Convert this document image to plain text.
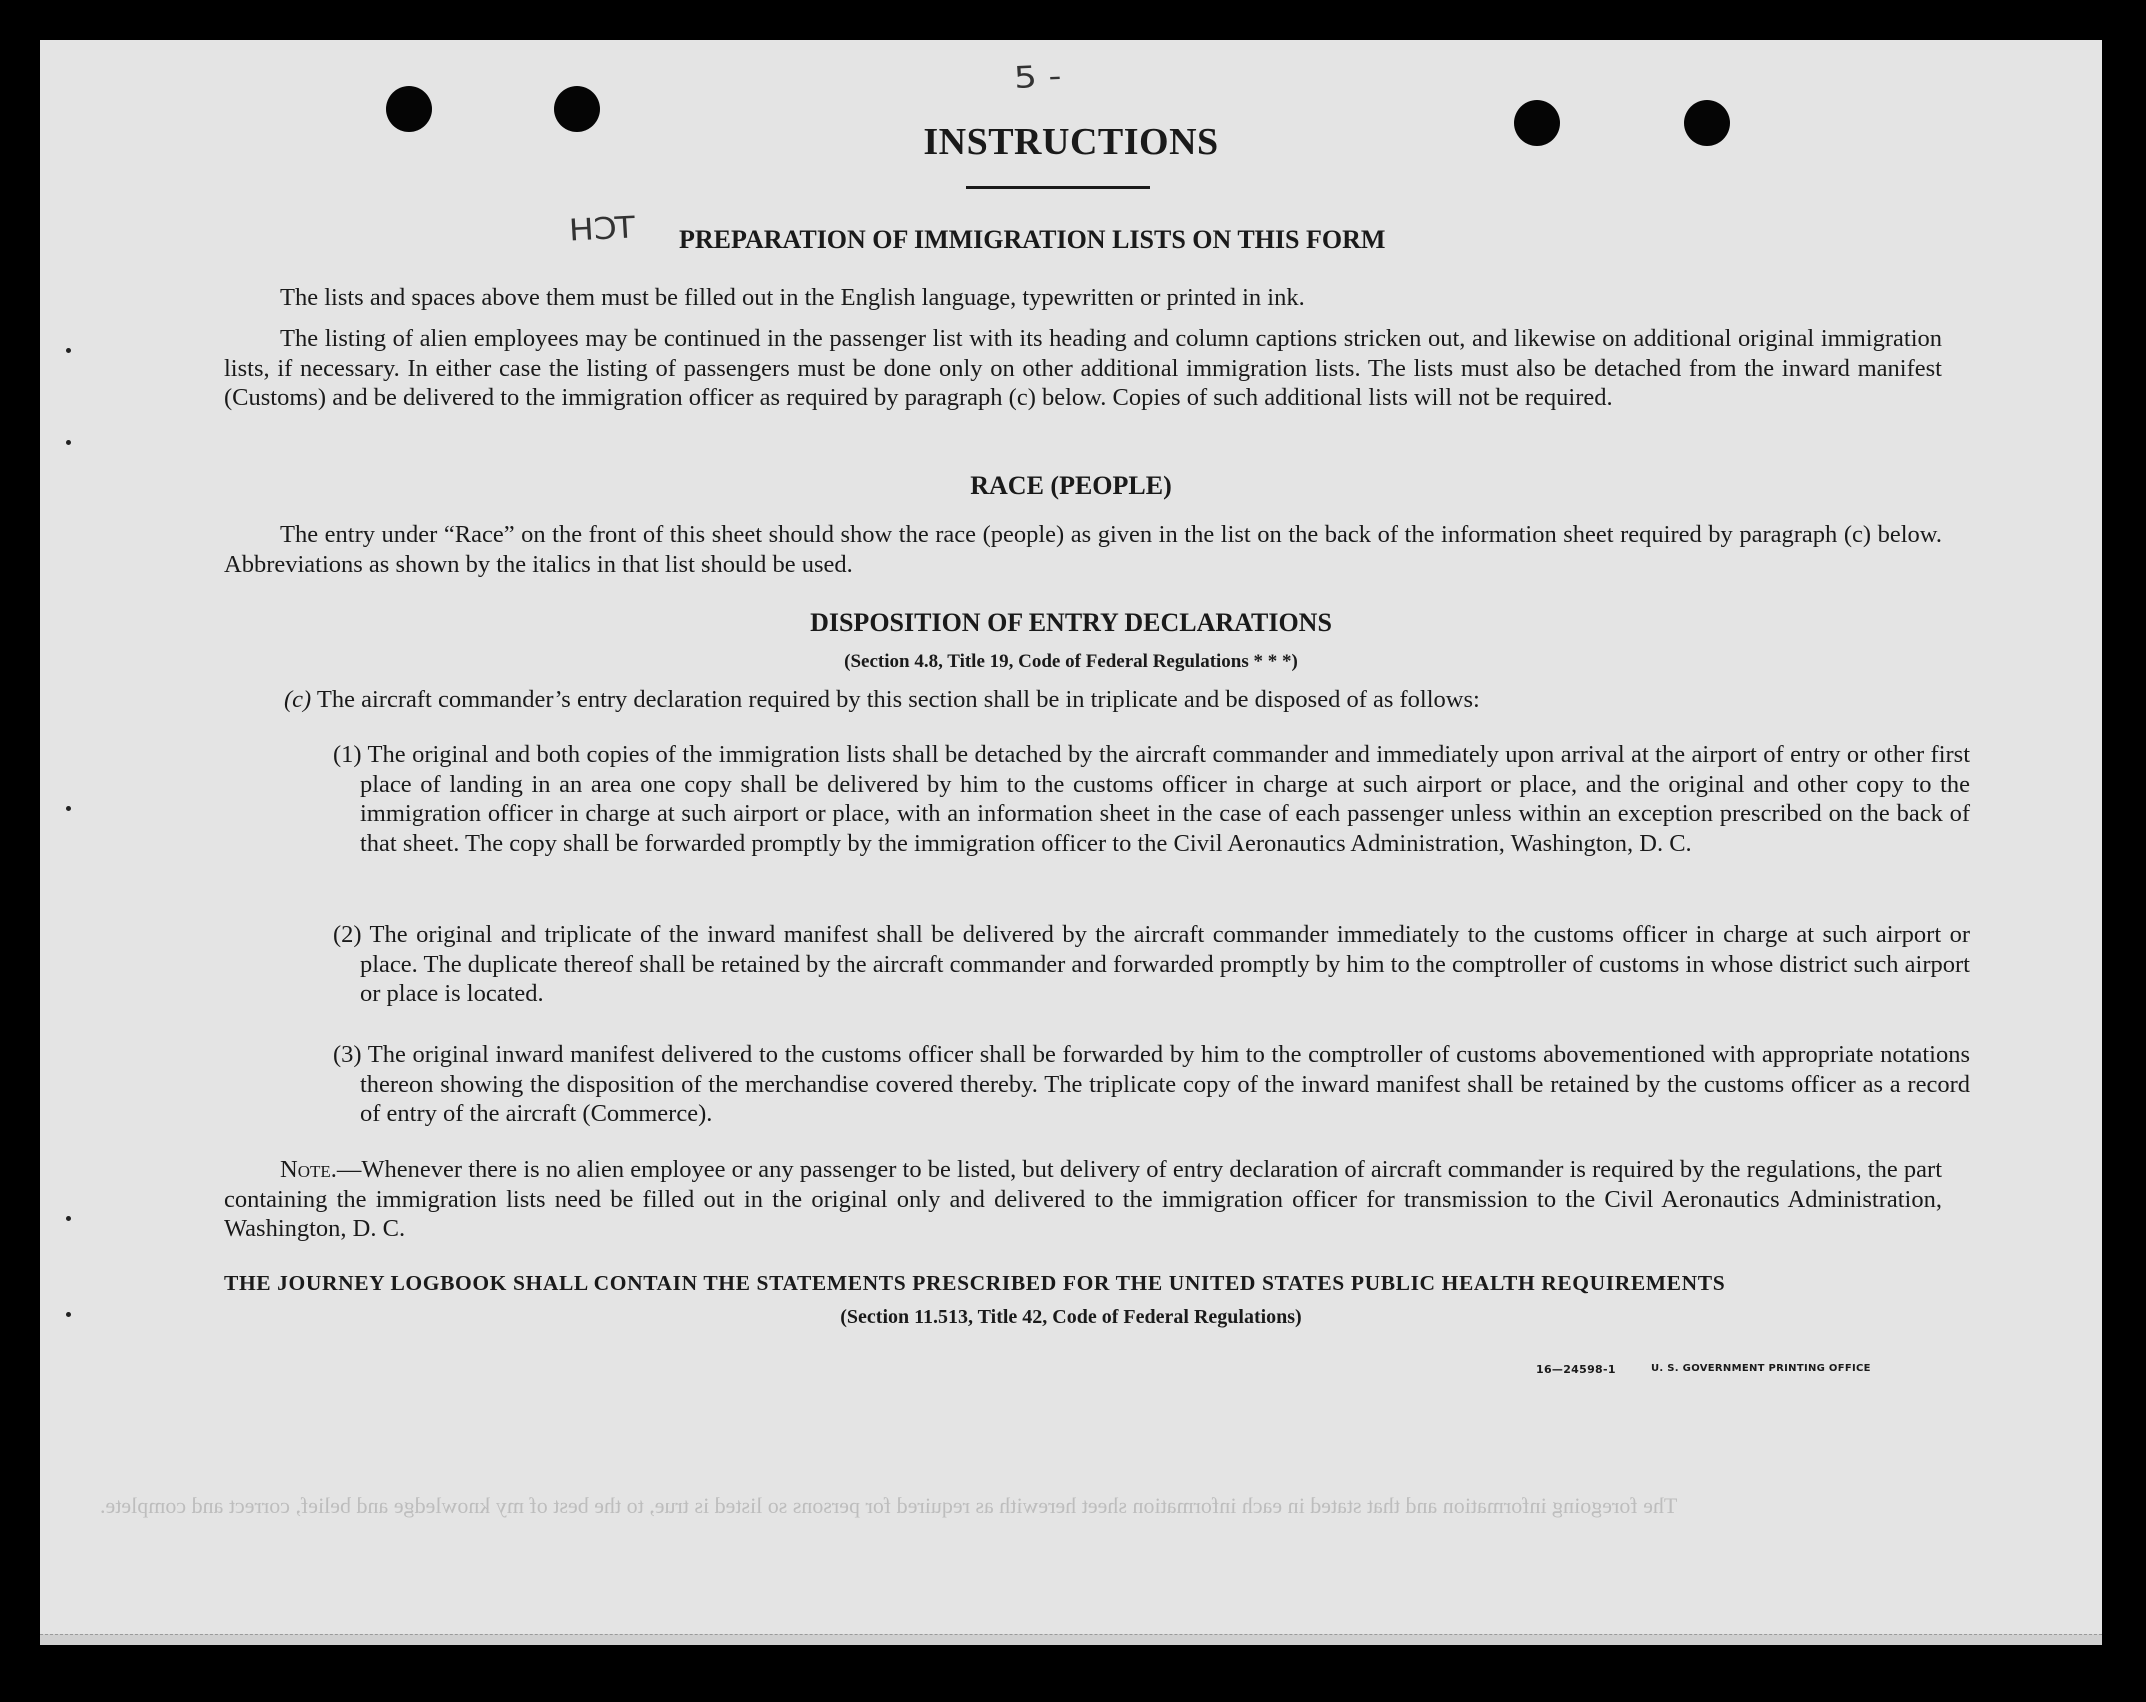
5 -
INSTRUCTIONS
TCH PREPARATION OF IMMIGRATION LISTS ON THIS FORM
The lists and spaces above them must be filled out in the English language, typewritten or printed in ink.
The listing of alien employees may be continued in the passenger list with its heading and column captions stricken out, and likewise on additional original immigration lists, if necessary. In either case the listing of passengers must be done only on other additional immigration lists. The lists must also be detached from the inward manifest (Customs) and be delivered to the immigration officer as required by paragraph (c) below. Copies of such additional lists will not be required.
RACE (PEOPLE)
The entry under “Race” on the front of this sheet should show the race (people) as given in the list on the back of the information sheet required by paragraph (c) below. Abbreviations as shown by the italics in that list should be used.
DISPOSITION OF ENTRY DECLARATIONS
(Section 4.8, Title 19, Code of Federal Regulations * * *)
(c) The aircraft commander’s entry declaration required by this section shall be in triplicate and be disposed of as follows:
(1) The original and both copies of the immigration lists shall be detached by the aircraft commander and immediately upon arrival at the airport of entry or other first place of landing in an area one copy shall be delivered by him to the customs officer in charge at such airport or place, and the original and other copy to the immigration officer in charge at such airport or place, with an information sheet in the case of each passenger unless within an exception prescribed on the back of that sheet. The copy shall be forwarded promptly by the immigration officer to the Civil Aeronautics Administration, Washington, D. C.
(2) The original and triplicate of the inward manifest shall be delivered by the aircraft commander immediately to the customs officer in charge at such airport or place. The duplicate thereof shall be retained by the aircraft commander and forwarded promptly by him to the comptroller of customs in whose district such airport or place is located.
(3) The original inward manifest delivered to the customs officer shall be forwarded by him to the comptroller of customs abovementioned with appropriate notations thereon showing the disposition of the merchandise covered thereby. The triplicate copy of the inward manifest shall be retained by the customs officer as a record of entry of the aircraft (Commerce).
Note.—Whenever there is no alien employee or any passenger to be listed, but delivery of entry declaration of aircraft commander is required by the regulations, the part containing the immigration lists need be filled out in the original only and delivered to the immigration officer for transmission to the Civil Aeronautics Administration, Washington, D. C.
THE JOURNEY LOGBOOK SHALL CONTAIN THE STATEMENTS PRESCRIBED FOR THE UNITED STATES PUBLIC HEALTH REQUIREMENTS
(Section 11.513, Title 42, Code of Federal Regulations)
16—24598-1	U. S. GOVERNMENT PRINTING OFFICE
The foregoing information and that stated in each information sheet herewith as required for persons so listed is true, to the best of my knowledge and belief, correct and complete.
